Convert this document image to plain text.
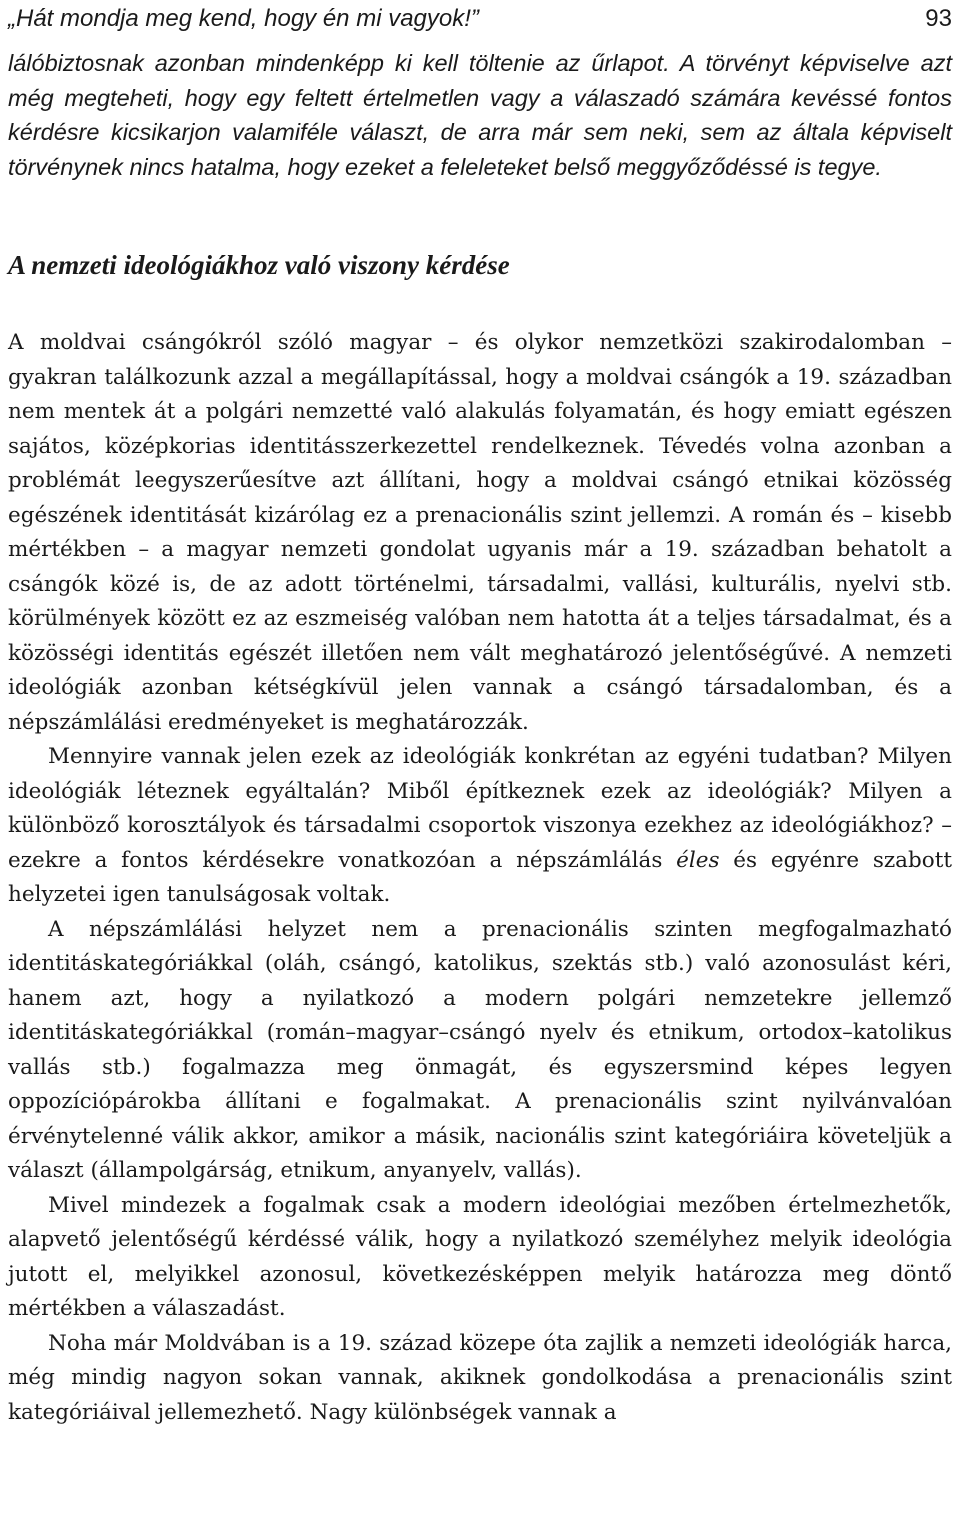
„Hát mondja meg kend, hogy én mi vagyok!”	93

lálóbiztosnak azonban mindenképp ki kell töltenie az űrlapot. A törvényt képviselve azt még megteheti, hogy egy feltett értelmetlen vagy a válaszadó számára kevéssé fontos kérdésre kicsikarjon valamiféle választ, de arra már sem neki, sem az általa képviselt törvénynek nincs hatalma, hogy ezeket a feleleteket belső meggyőződéssé is tegye.

A nemzeti ideológiákhoz való viszony kérdése

A moldvai csángókról szóló magyar – és olykor nemzetközi szakirodalomban – gyakran találkozunk azzal a megállapítással, hogy a moldvai csángók a 19. században nem mentek át a polgári nemzetté való alakulás folyamatán, és hogy emiatt egészen sajátos, középkorias identitásszerkezettel rendelkeznek. Tévedés volna azonban a problémát leegyszerűesítve azt állítani, hogy a moldvai csángó etnikai közösség egészének identitását kizárólag ez a prenacionális szint jellemzi. A román és – kisebb mértékben – a magyar nemzeti gondolat ugyanis már a 19. században behatolt a csángók közé is, de az adott történelmi, társadalmi, vallási, kulturális, nyelvi stb. körülmények között ez az eszmeiség valóban nem hatotta át a teljes társadalmat, és a közösségi identitás egészét illetően nem vált meghatározó jelentőségűvé. A nemzeti ideológiák azonban kétségkívül jelen vannak a csángó társadalomban, és a népszámlálási eredményeket is meghatározzák.

Mennyire vannak jelen ezek az ideológiák konkrétan az egyéni tudatban? Milyen ideológiák léteznek egyáltalán? Miből építkeznek ezek az ideológiák? Milyen a különböző korosztályok és társadalmi csoportok viszonya ezekhez az ideológiákhoz? – ezekre a fontos kérdésekre vonatkozóan a népszámlálás éles és egyénre szabott helyzetei igen tanulságosak voltak.

A népszámlálási helyzet nem a prenacionális szinten megfogalmazható identitáskategóriákkal (oláh, csángó, katolikus, szektás stb.) való azonosulást kéri, hanem azt, hogy a nyilatkozó a modern polgári nemzetekre jellemző identitáskategóriákkal (román–magyar–csángó nyelv és etnikum, ortodox–katolikus vallás stb.) fogalmazza meg önmagát, és egyszersmind képes legyen oppozíciópárokba állítani e fogalmakat. A prenacionális szint nyilvánvalóan érvénytelenné válik akkor, amikor a másik, nacionális szint kategóriáira követeljük a választ (állampolgárság, etnikum, anyanyelv, vallás).

Mivel mindezek a fogalmak csak a modern ideológiai mezőben értelmezhetők, alapvető jelentőségű kérdéssé válik, hogy a nyilatkozó személyhez melyik ideológia jutott el, melyikkel azonosul, következésképpen melyik határozza meg döntő mértékben a válaszadást.

Noha már Moldvában is a 19. század közepe óta zajlik a nemzeti ideológiák harca, még mindig nagyon sokan vannak, akiknek gondolkodása a prenacionális szint kategóriáival jellemezhető. Nagy különbségek vannak a
